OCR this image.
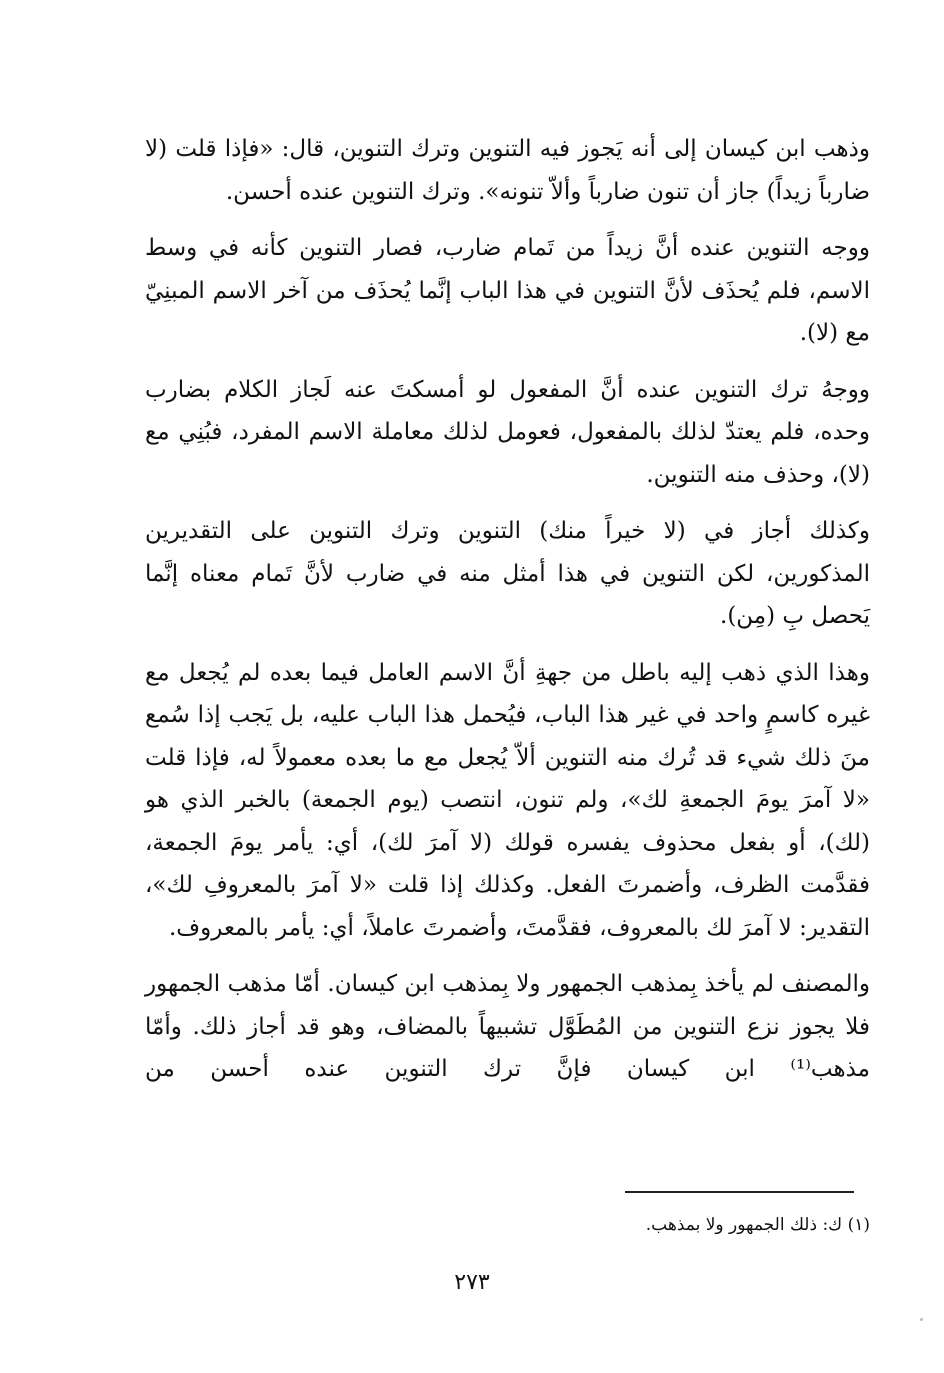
وذهب ابن كيسان إلى أنه يَجوز فيه التنوين وترك التنوين، قال: «فإذا قلت (لا ضارباً زيداً) جاز أن تنون ضارباً وألاّ تنونه». وترك التنوين عنده أحسن.

ووجه التنوين عنده أنَّ زيداً من تَمام ضارب، فصار التنوين كأنه في وسط الاسم، فلم يُحذَف لأنَّ التنوين في هذا الباب إنَّما يُحذَف من آخر الاسم المبنِيّ مع (لا).

ووجهُ ترك التنوين عنده أنَّ المفعول لو أمسكتَ عنه لَجاز الكلام بضارب وحده، فلم يعتدّ لذلك بالمفعول، فعومل لذلك معاملة الاسم المفرد، فبُنِي مع (لا)، وحذف منه التنوين.

وكذلك أجاز في (لا خيراً منك) التنوين وترك التنوين على التقديرين المذكورين، لكن التنوين في هذا أمثل منه في ضارب لأنَّ تَمام معناه إنَّما يَحصل بِ (مِن).

وهذا الذي ذهب إليه باطل من جهةِ أنَّ الاسم العامل فيما بعده لم يُجعل مع غيره كاسمٍ واحد في غير هذا الباب، فيُحمل هذا الباب عليه، بل يَجب إذا سُمع منَ ذلك شيء قد تُرك منه التنوين ألاّ يُجعل مع ما بعده معمولاً له، فإذا قلت «لا آمرَ يومَ الجمعةِ لك»، ولم تنون، انتصب (يوم الجمعة) بالخبر الذي هو (لك)، أو بفعل محذوف يفسره قولك (لا آمرَ لك)، أي: يأمر يومَ الجمعة، فقدَّمت الظرف، وأضمرتَ الفعل. وكذلك إذا قلت «لا آمرَ بالمعروفِ لك»، التقدير: لا آمرَ لك بالمعروف، فقدَّمتَ، وأضمرتَ عاملاً، أي: يأمر بالمعروف.

والمصنف لم يأخذ بِمذهب الجمهور ولا بِمذهب ابن كيسان. أمّا مذهب الجمهور فلا يجوز نزع التنوين من المُطَوَّل تشبيهاً بالمضاف، وهو قد أجاز ذلك. وأمّا مذهب⁽¹⁾ ابن كيسان فإنَّ ترك التنوين عنده أحسن من

(١) ك: ذلك الجمهور ولا بمذهب.
٢٧٣
